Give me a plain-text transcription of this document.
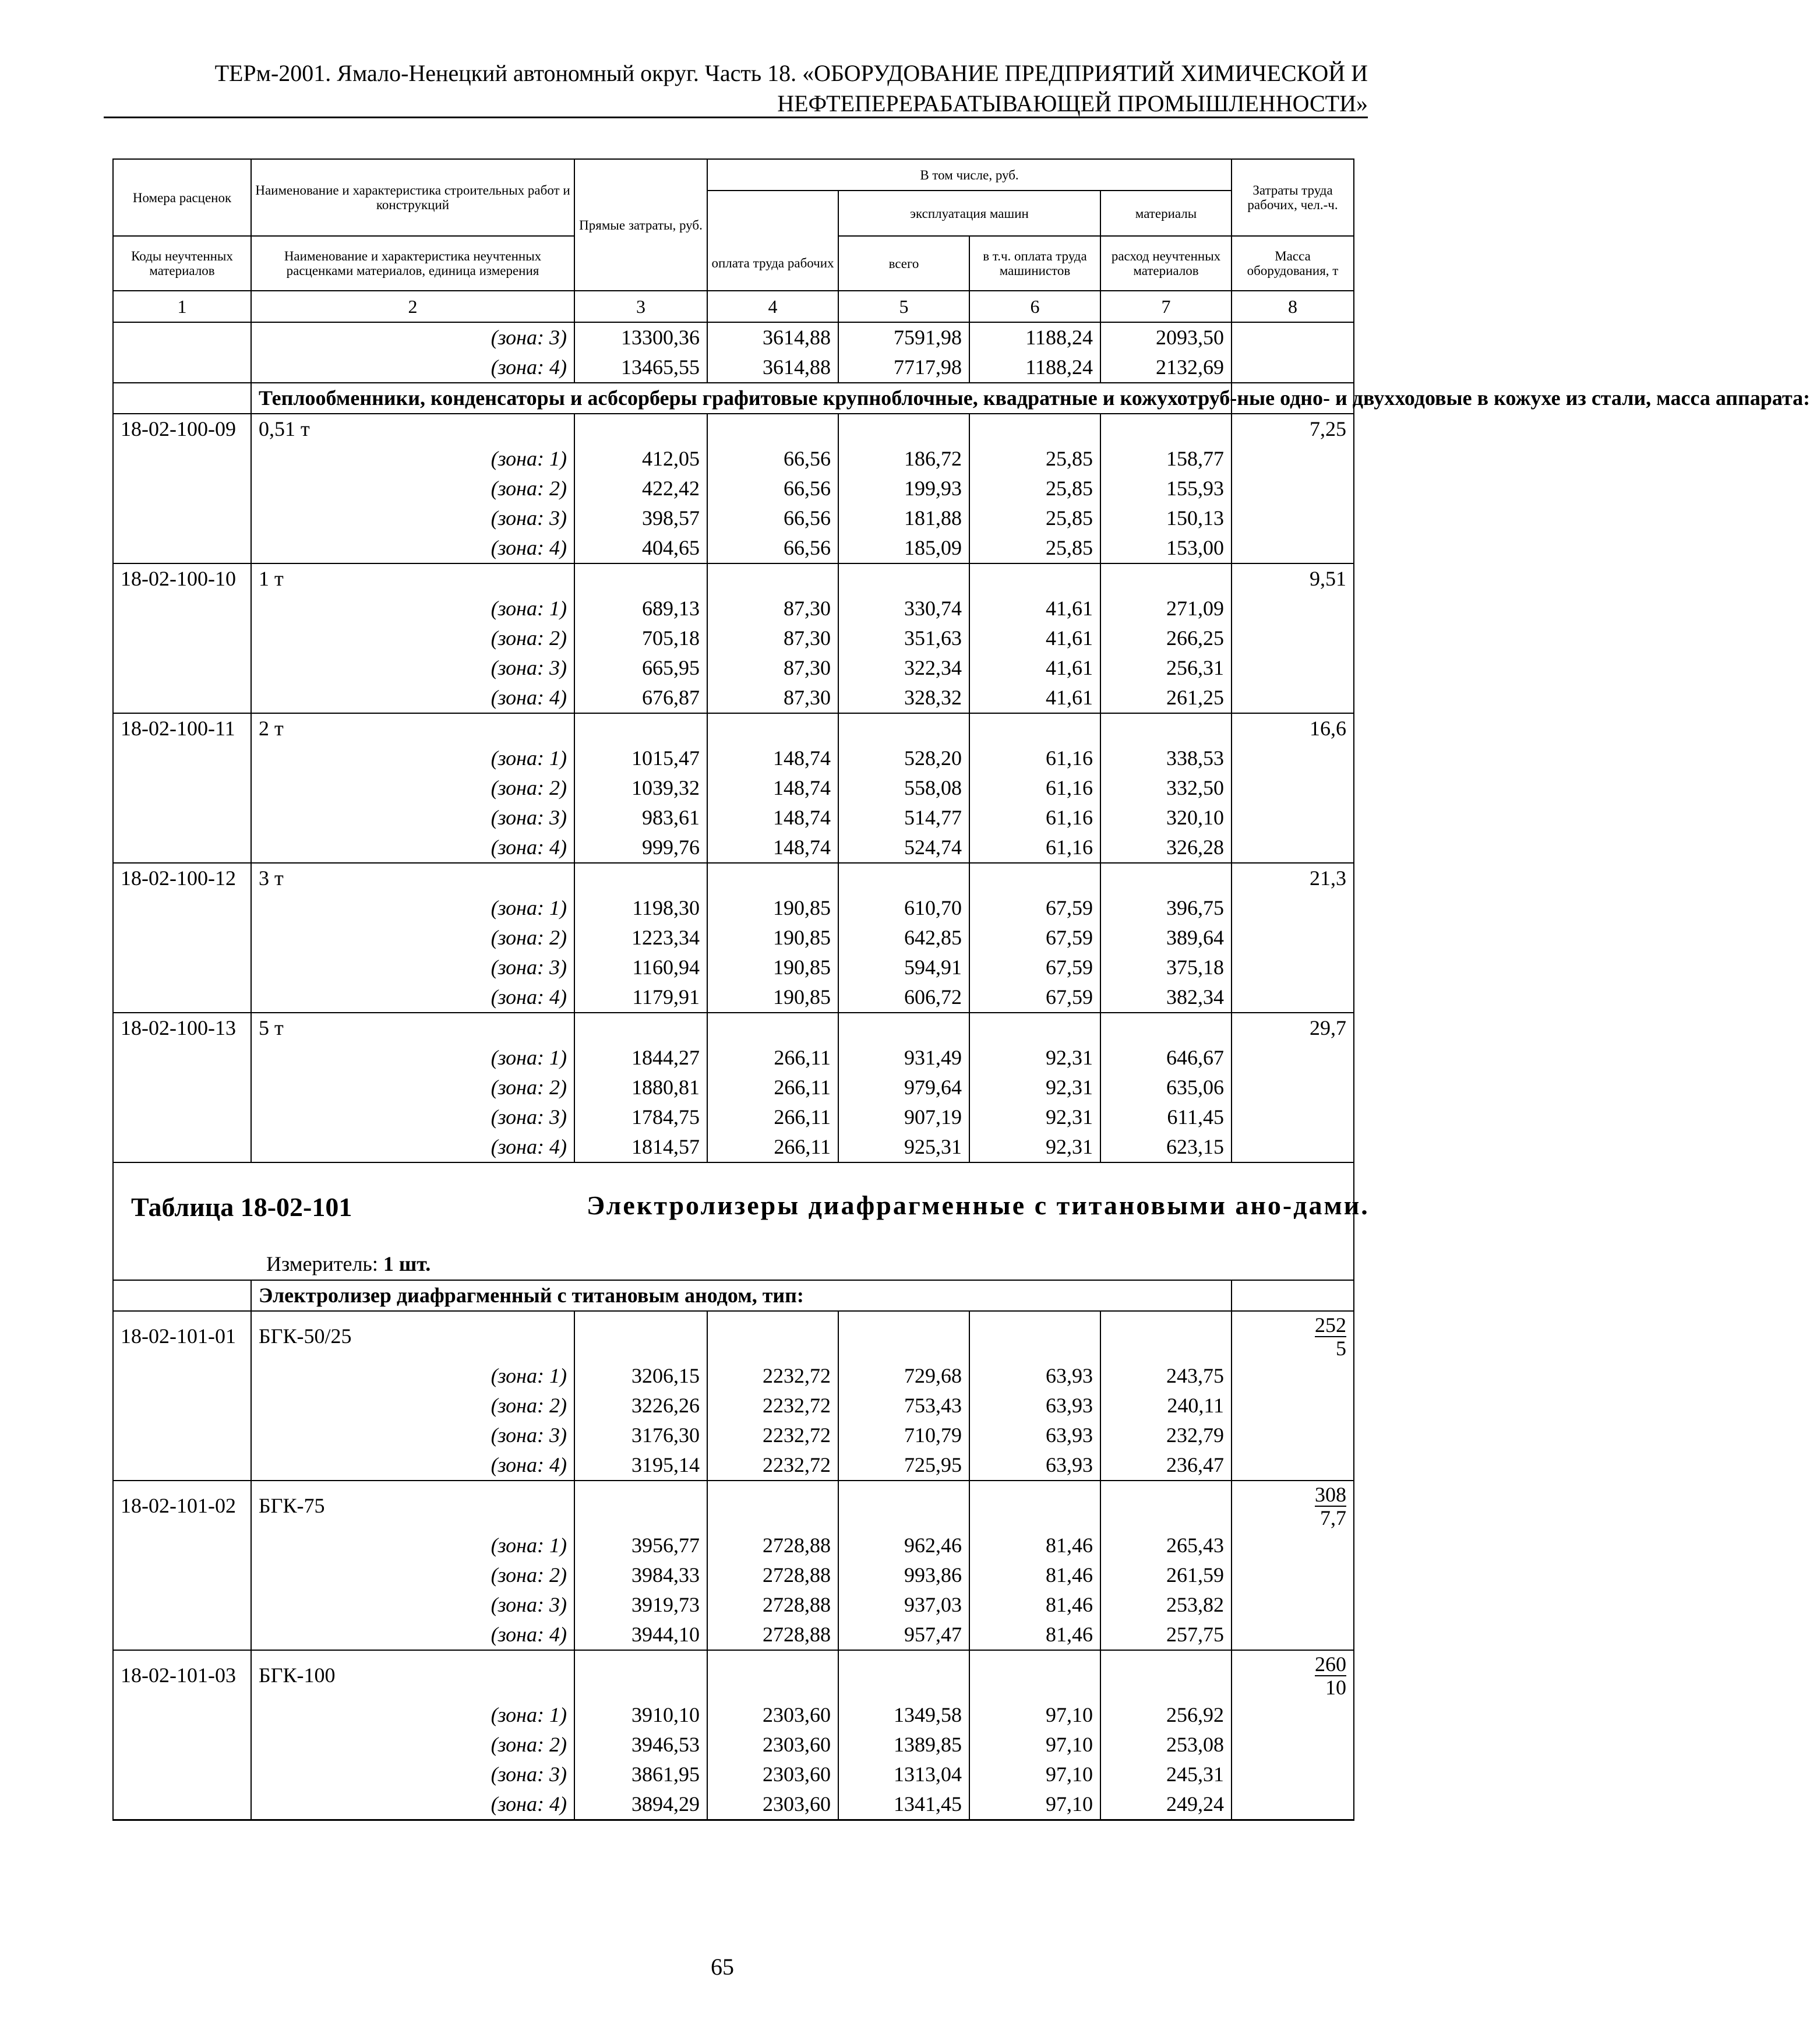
ТЕРм-2001. Ямало-Ненецкий автономный округ. Часть 18. «ОБОРУДОВАНИЕ ПРЕДПРИЯТИЙ ХИМИЧЕСКОЙ И
НЕФТЕПЕРЕРАБАТЫВАЮЩЕЙ ПРОМЫШЛЕННОСТИ»
Номера расценок	Наименование и характеристика строительных работ и конструкций	Прямые затраты, руб.	В том числе, руб.				Затраты труда рабочих, чел.-ч.
				эксплуатация машин		материалы	
Коды неучтенных материалов	Наименование и характеристика неучтенных расценками материалов, единица измерения		оплата труда рабочих	всего	в т.ч. оплата труда машинистов	расход неучтенных материалов	Масса оборудования, т
1	2	3	4	5	6	7	8
	(зона: 3)	13300,36	3614,88	7591,98	1188,24	2093,50	
	(зона: 4)	13465,55	3614,88	7717,98	1188,24	2132,69	
	Теплообменники, конденсаторы и асбсорберы графитовые крупноблочные, квадратные и кожухотруб-ные одно- и двухходовые в кожухе из стали, масса аппарата:						
18-02-100-09	0,51 т						7,25
	(зона: 1)	412,05	66,56	186,72	25,85	158,77	
	(зона: 2)	422,42	66,56	199,93	25,85	155,93	
	(зона: 3)	398,57	66,56	181,88	25,85	150,13	
	(зона: 4)	404,65	66,56	185,09	25,85	153,00	
18-02-100-10	1 т						9,51
	(зона: 1)	689,13	87,30	330,74	41,61	271,09	
	(зона: 2)	705,18	87,30	351,63	41,61	266,25	
	(зона: 3)	665,95	87,30	322,34	41,61	256,31	
	(зона: 4)	676,87	87,30	328,32	41,61	261,25	
18-02-100-11	2 т						16,6
	(зона: 1)	1015,47	148,74	528,20	61,16	338,53	
	(зона: 2)	1039,32	148,74	558,08	61,16	332,50	
	(зона: 3)	983,61	148,74	514,77	61,16	320,10	
	(зона: 4)	999,76	148,74	524,74	61,16	326,28	
18-02-100-12	3 т						21,3
	(зона: 1)	1198,30	190,85	610,70	67,59	396,75	
	(зона: 2)	1223,34	190,85	642,85	67,59	389,64	
	(зона: 3)	1160,94	190,85	594,91	67,59	375,18	
	(зона: 4)	1179,91	190,85	606,72	67,59	382,34	
18-02-100-13	5 т						29,7
	(зона: 1)	1844,27	266,11	931,49	92,31	646,67	
	(зона: 2)	1880,81	266,11	979,64	92,31	635,06	
	(зона: 3)	1784,75	266,11	907,19	92,31	611,45	
	(зона: 4)	1814,57	266,11	925,31	92,31	623,15	

Таблица 18-02-101 Электролизеры диафрагменные с титановыми ано-дами.
Измеритель: 1 шт.							

	Электролизер диафрагменный с титановым анодом, тип:						
18-02-101-01	БГК-50/25						$\frac{252}{5}$

	(зона: 1)	3206,15	2232,72	729,68	63,93	243,75	
	(зона: 2)	3226,26	2232,72	753,43	63,93	240,11	
	(зона: 3)	3176,30	2232,72	710,79	63,93	232,79	
	(зона: 4)	3195,14	2232,72	725,95	63,93	236,47	
18-02-101-02	БГК-75						$\frac{308}{7,7}$

	(зона: 1)	3956,77	2728,88	962,46	81,46	265,43	
	(зона: 2)	3984,33	2728,88	993,86	81,46	261,59	
	(зона: 3)	3919,73	2728,88	937,03	81,46	253,82	
	(зона: 4)	3944,10	2728,88	957,47	81,46	257,75	
18-02-101-03	БГК-100						$\frac{260}{10}$

	(зона: 1)	3910,10	2303,60	1349,58	97,10	256,92	
	(зона: 2)	3946,53	2303,60	1389,85	97,10	253,08	
	(зона: 3)	3861,95	2303,60	1313,04	97,10	245,31	
	(зона: 4)	3894,29	2303,60	1341,45	97,10	249,24	
65
